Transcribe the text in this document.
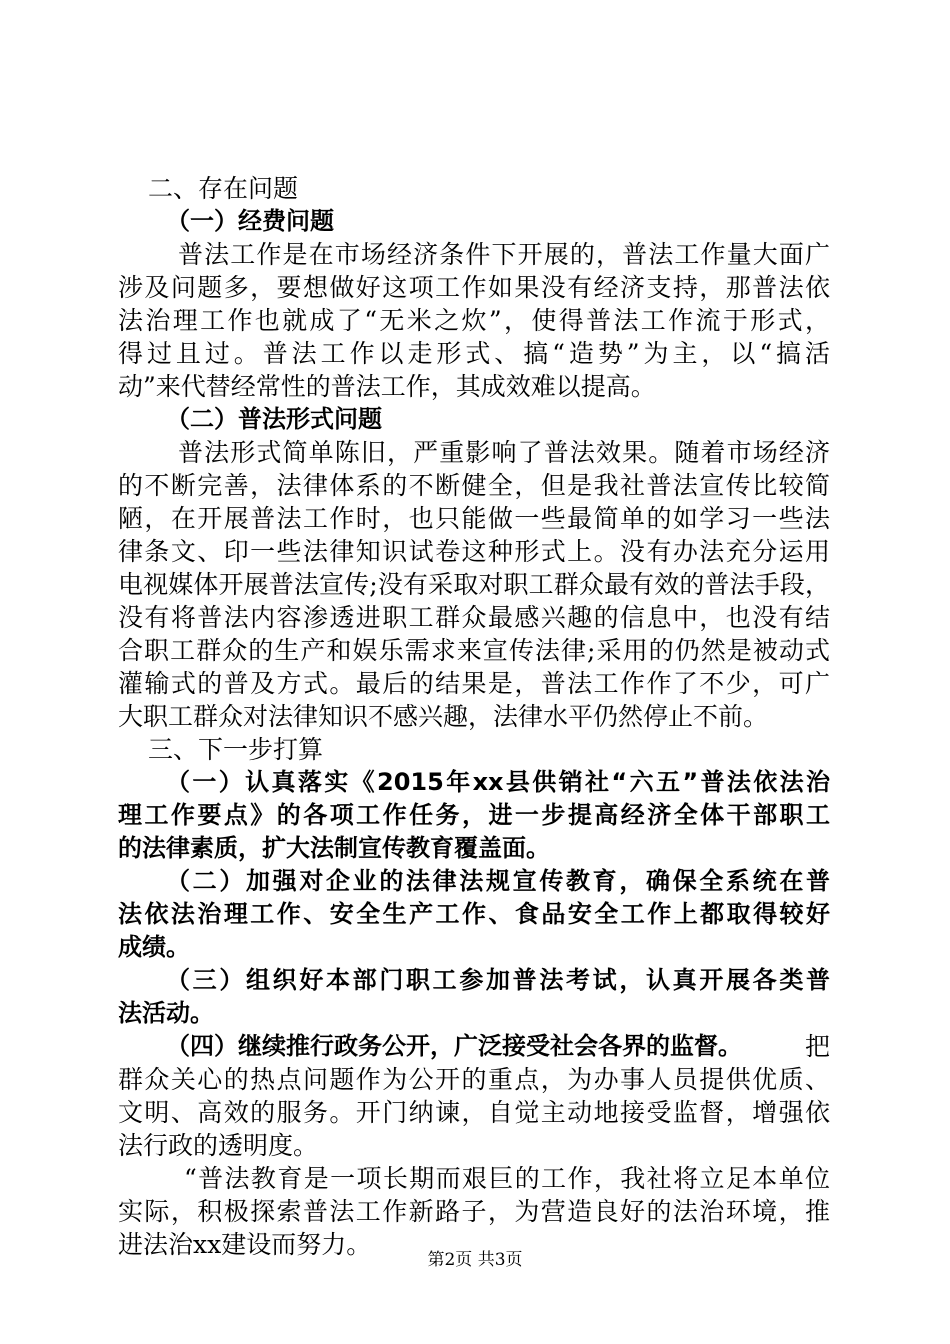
二、存在问题
（一）经费问题
普法工作是在市场经济条件下开展的，普法工作量大面广
涉及问题多，要想做好这项工作如果没有经济支持，那普法依
法治理工作也就成了“无米之炊”，使得普法工作流于形式，
得过且过。普法工作以走形式、搞“造势”为主，以“搞活
动”来代替经常性的普法工作，其成效难以提高。
（二）普法形式问题
普法形式简单陈旧，严重影响了普法效果。随着市场经济
的不断完善，法律体系的不断健全，但是我社普法宣传比较简
陋，在开展普法工作时，也只能做一些最简单的如学习一些法
律条文、印一些法律知识试卷这种形式上。没有办法充分运用
电视媒体开展普法宣传;没有采取对职工群众最有效的普法手段，
没有将普法内容渗透进职工群众最感兴趣的信息中，也没有结
合职工群众的生产和娱乐需求来宣传法律;采用的仍然是被动式
灌输式的普及方式。最后的结果是，普法工作作了不少，可广
大职工群众对法律知识不感兴趣，法律水平仍然停止不前。
三、下一步打算
（一）认真落实《2015年xx县供销社“六五”普法依法治
理工作要点》的各项工作任务，进一步提高经济全体干部职工
的法律素质，扩大法制宣传教育覆盖面。
（二）加强对企业的法律法规宣传教育，确保全系统在普
法依法治理工作、安全生产工作、食品安全工作上都取得较好
成绩。
（三）组织好本部门职工参加普法考试，认真开展各类普
法活动。
（四）继续推行政务公开，广泛接受社会各界的监督。	把
群众关心的热点问题作为公开的重点，为办事人员提供优质、
文明、高效的服务。开门纳谏，自觉主动地接受监督，增强依
法行政的透明度。
“普法教育是一项长期而艰巨的工作，我社将立足本单位
实际，积极探索普法工作新路子，为营造良好的法治环境，推
进法治xx建设而努力。
第2页 共3页
